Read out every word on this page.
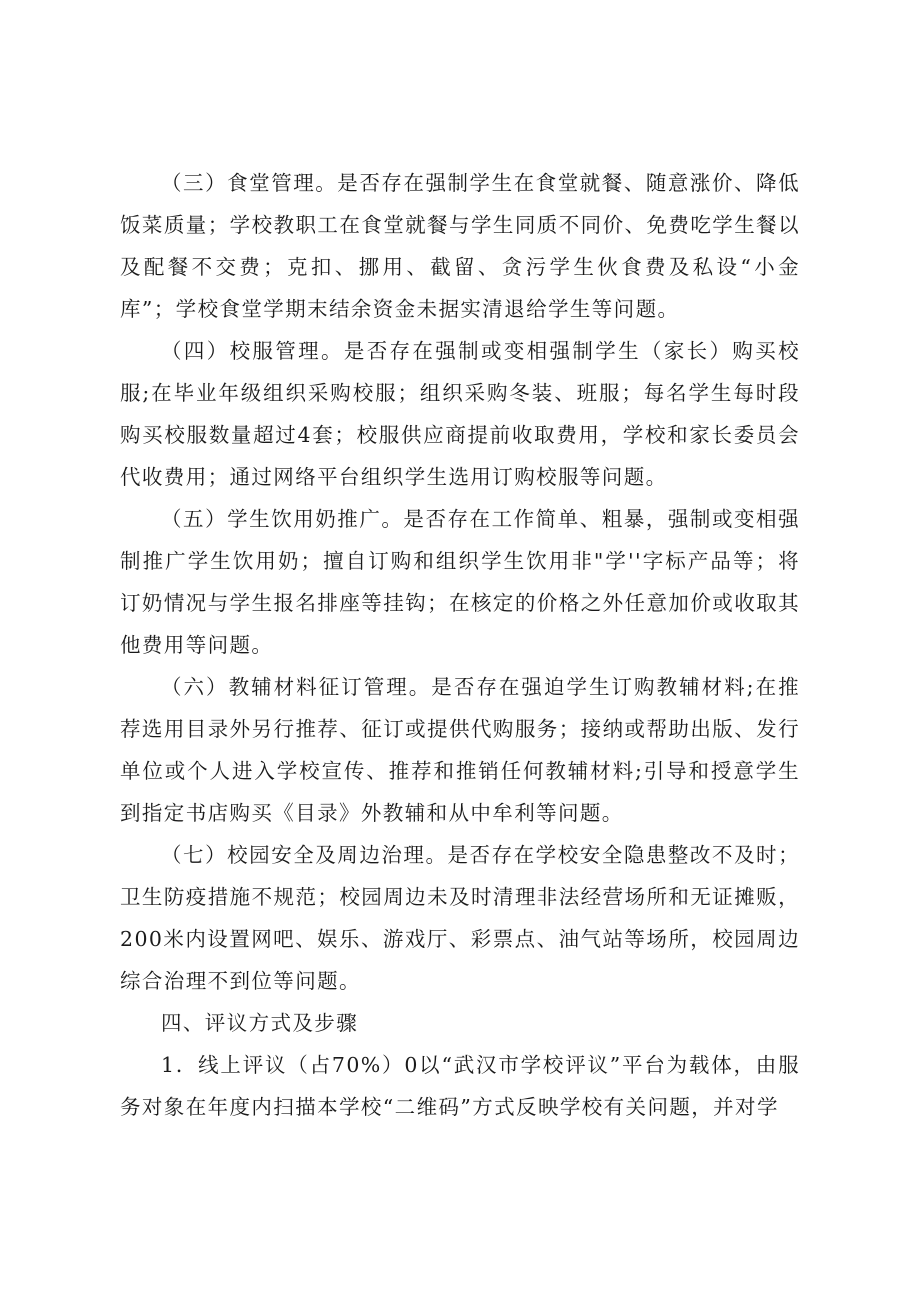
（三）食堂管理。是否存在强制学生在食堂就餐、随意涨价、降低饭菜质量；学校教职工在食堂就餐与学生同质不同价、免费吃学生餐以及配餐不交费；克扣、挪用、截留、贪污学生伙食费及私设“小金库”；学校食堂学期末结余资金未据实清退给学生等问题。

（四）校服管理。是否存在强制或变相强制学生（家长）购买校服;在毕业年级组织采购校服；组织采购冬装、班服；每名学生每时段购买校服数量超过4套；校服供应商提前收取费用，学校和家长委员会代收费用；通过网络平台组织学生选用订购校服等问题。

（五）学生饮用奶推广。是否存在工作简单、粗暴，强制或变相强制推广学生饮用奶；擅自订购和组织学生饮用非"学''字标产品等；将订奶情况与学生报名排座等挂钩；在核定的价格之外任意加价或收取其他费用等问题。

（六）教辅材料征订管理。是否存在强迫学生订购教辅材料;在推荐选用目录外另行推荐、征订或提供代购服务；接纳或帮助出版、发行单位或个人进入学校宣传、推荐和推销任何教辅材料;引导和授意学生到指定书店购买《目录》外教辅和从中牟利等问题。

（七）校园安全及周边治理。是否存在学校安全隐患整改不及时；卫生防疫措施不规范；校园周边未及时清理非法经营场所和无证摊贩，200米内设置网吧、娱乐、游戏厅、彩票点、油气站等场所，校园周边综合治理不到位等问题。

四、评议方式及步骤

1．线上评议（占70%）0以“武汉市学校评议”平台为载体，由服务对象在年度内扫描本学校“二维码”方式反映学校有关问题，并对学
